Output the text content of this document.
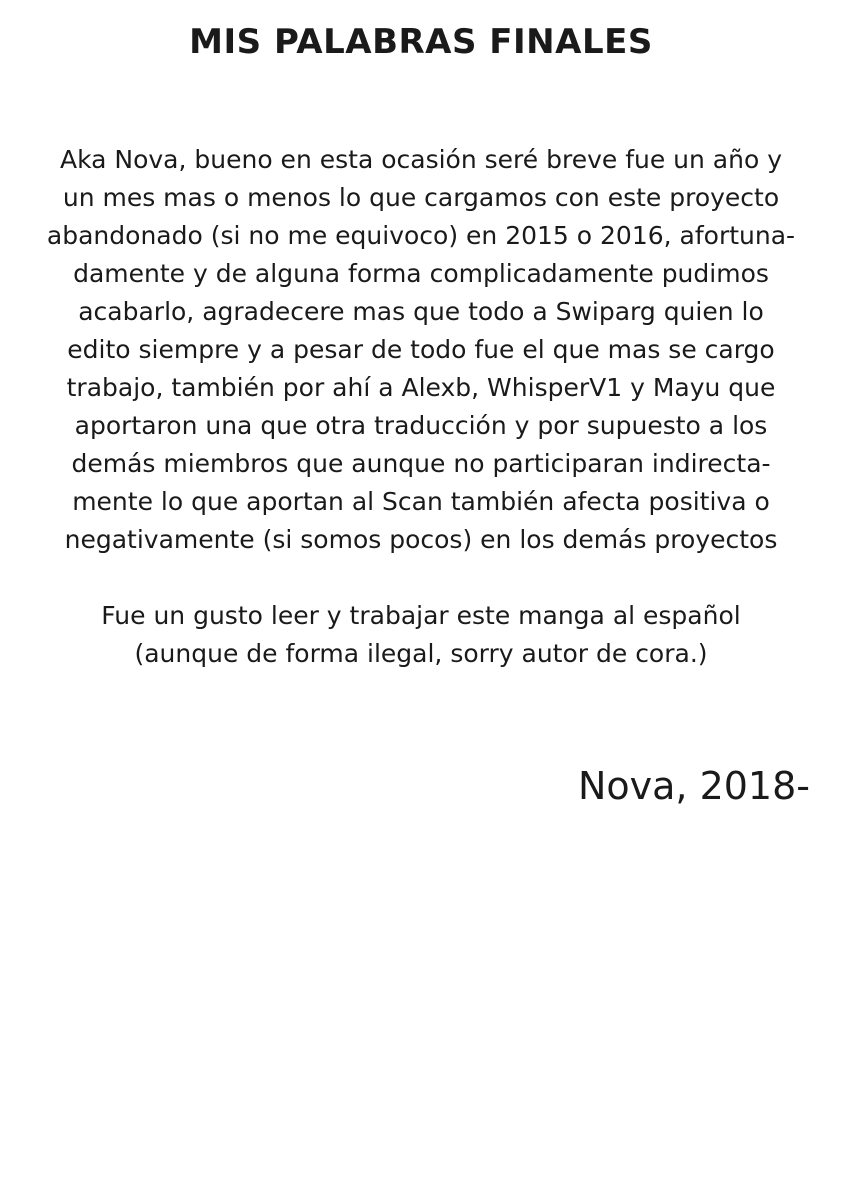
MIS PALABRAS FINALES

Aka Nova, bueno en esta ocasión seré breve fue un año y
un mes mas o menos lo que cargamos con este proyecto
abandonado (si no me equivoco) en 2015 o 2016, afortuna-
damente y de alguna forma complicadamente pudimos
acabarlo, agradecere mas que todo a Swiparg quien lo
edito siempre y a pesar de todo fue el que mas se cargo
trabajo, también por ahí a Alexb, WhisperV1 y Mayu que
aportaron una que otra traducción y por supuesto a los
demás miembros que aunque no participaran indirecta-
mente lo que aportan al Scan también afecta positiva o
negativamente (si somos pocos) en los demás proyectos

Fue un gusto leer y trabajar este manga al español
(aunque de forma ilegal, sorry autor de cora.)

Nova, 2018-
